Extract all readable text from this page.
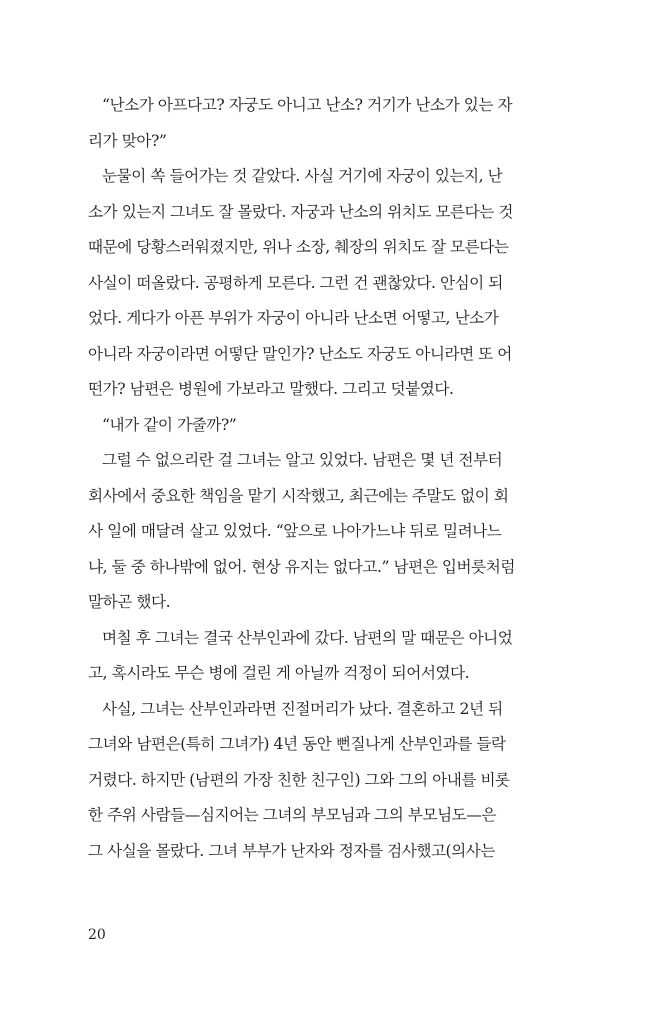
“난소가 아프다고? 자궁도 아니고 난소? 거기가 난소가 있는 자
리가 맞아?”
눈물이 쏙 들어가는 것 같았다. 사실 거기에 자궁이 있는지, 난
소가 있는지 그녀도 잘 몰랐다. 자궁과 난소의 위치도 모른다는 것
때문에 당황스러워졌지만, 위나 소장, 췌장의 위치도 잘 모른다는
사실이 떠올랐다. 공평하게 모른다. 그런 건 괜찮았다. 안심이 되
었다. 게다가 아픈 부위가 자궁이 아니라 난소면 어떻고, 난소가
아니라 자궁이라면 어떻단 말인가? 난소도 자궁도 아니라면 또 어
떤가? 남편은 병원에 가보라고 말했다. 그리고 덧붙였다.
“내가 같이 가줄까?”
그럴 수 없으리란 걸 그녀는 알고 있었다. 남편은 몇 년 전부터
회사에서 중요한 책임을 맡기 시작했고, 최근에는 주말도 없이 회
사 일에 매달려 살고 있었다. “앞으로 나아가느냐 뒤로 밀려나느
냐, 둘 중 하나밖에 없어. 현상 유지는 없다고.” 남편은 입버릇처럼
말하곤 했다.
며칠 후 그녀는 결국 산부인과에 갔다. 남편의 말 때문은 아니었
고, 혹시라도 무슨 병에 걸린 게 아닐까 걱정이 되어서였다.
사실, 그녀는 산부인과라면 진절머리가 났다. 결혼하고 2년 뒤
그녀와 남편은(특히 그녀가) 4년 동안 뻔질나게 산부인과를 들락
거렸다. 하지만 (남편의 가장 친한 친구인) 그와 그의 아내를 비롯
한 주위 사람들—심지어는 그녀의 부모님과 그의 부모님도—은
그 사실을 몰랐다. 그녀 부부가 난자와 정자를 검사했고(의사는
20
